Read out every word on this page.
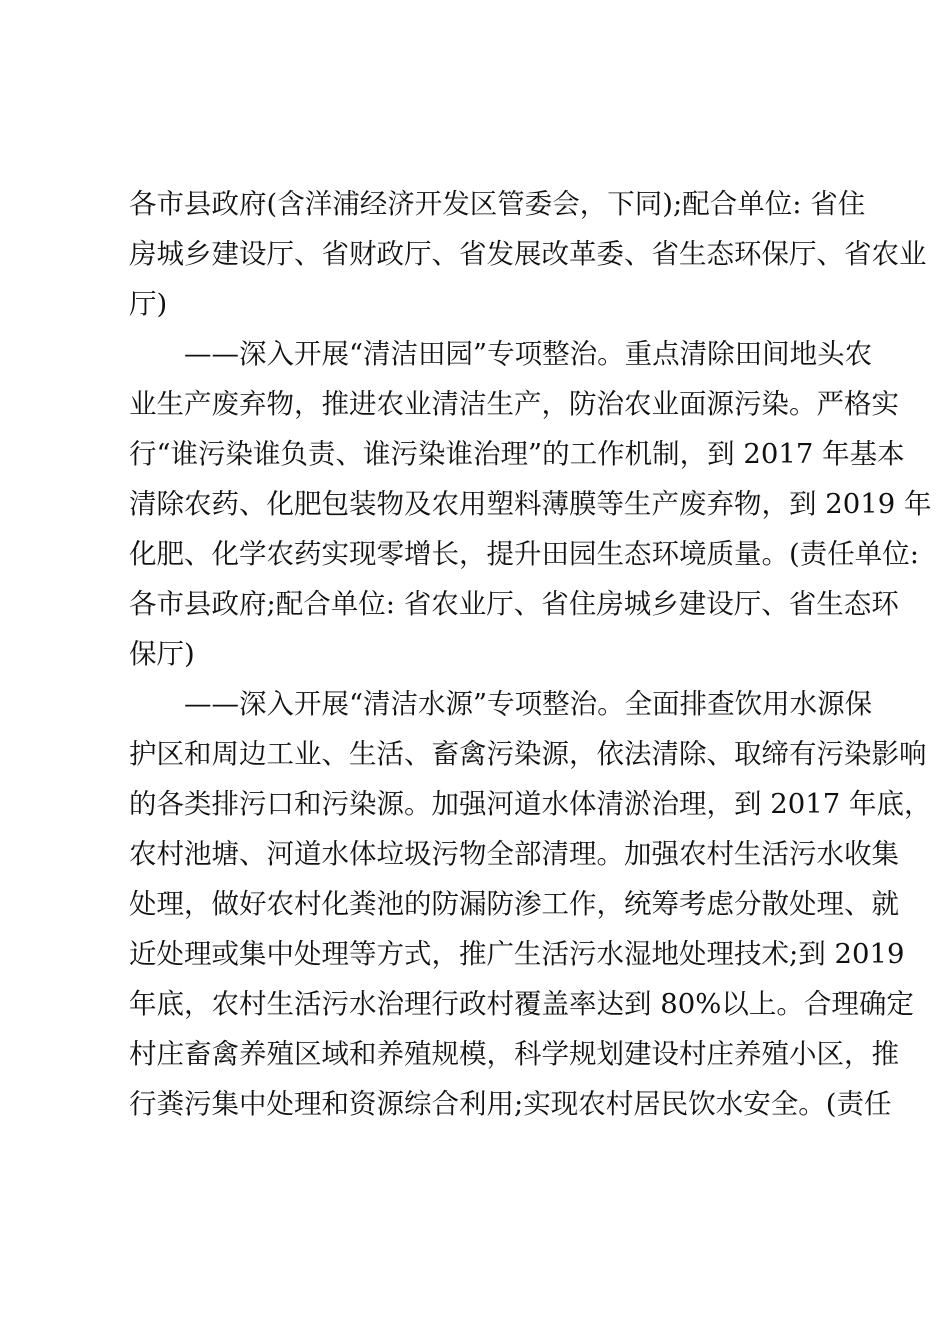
各市县政府(含洋浦经济开发区管委会，下同);配合单位: 省住
房城乡建设厅、省财政厅、省发展改革委、省生态环保厅、省农业
厅)
——深入开展“清洁田园”专项整治。重点清除田间地头农
业生产废弃物，推进农业清洁生产，防治农业面源污染。严格实
行“谁污染谁负责、谁污染谁治理”的工作机制，到 2017 年基本
清除农药、化肥包装物及农用塑料薄膜等生产废弃物，到 2019 年
化肥、化学农药实现零增长，提升田园生态环境质量。(责任单位:
各市县政府;配合单位: 省农业厅、省住房城乡建设厅、省生态环
保厅)
——深入开展“清洁水源”专项整治。全面排查饮用水源保
护区和周边工业、生活、畜禽污染源，依法清除、取缔有污染影响
的各类排污口和污染源。加强河道水体清淤治理，到 2017 年底，
农村池塘、河道水体垃圾污物全部清理。加强农村生活污水收集
处理，做好农村化粪池的防漏防渗工作，统筹考虑分散处理、就
近处理或集中处理等方式，推广生活污水湿地处理技术;到 2019
年底，农村生活污水治理行政村覆盖率达到 80%以上。合理确定
村庄畜禽养殖区域和养殖规模，科学规划建设村庄养殖小区，推
行粪污集中处理和资源综合利用;实现农村居民饮水安全。(责任
